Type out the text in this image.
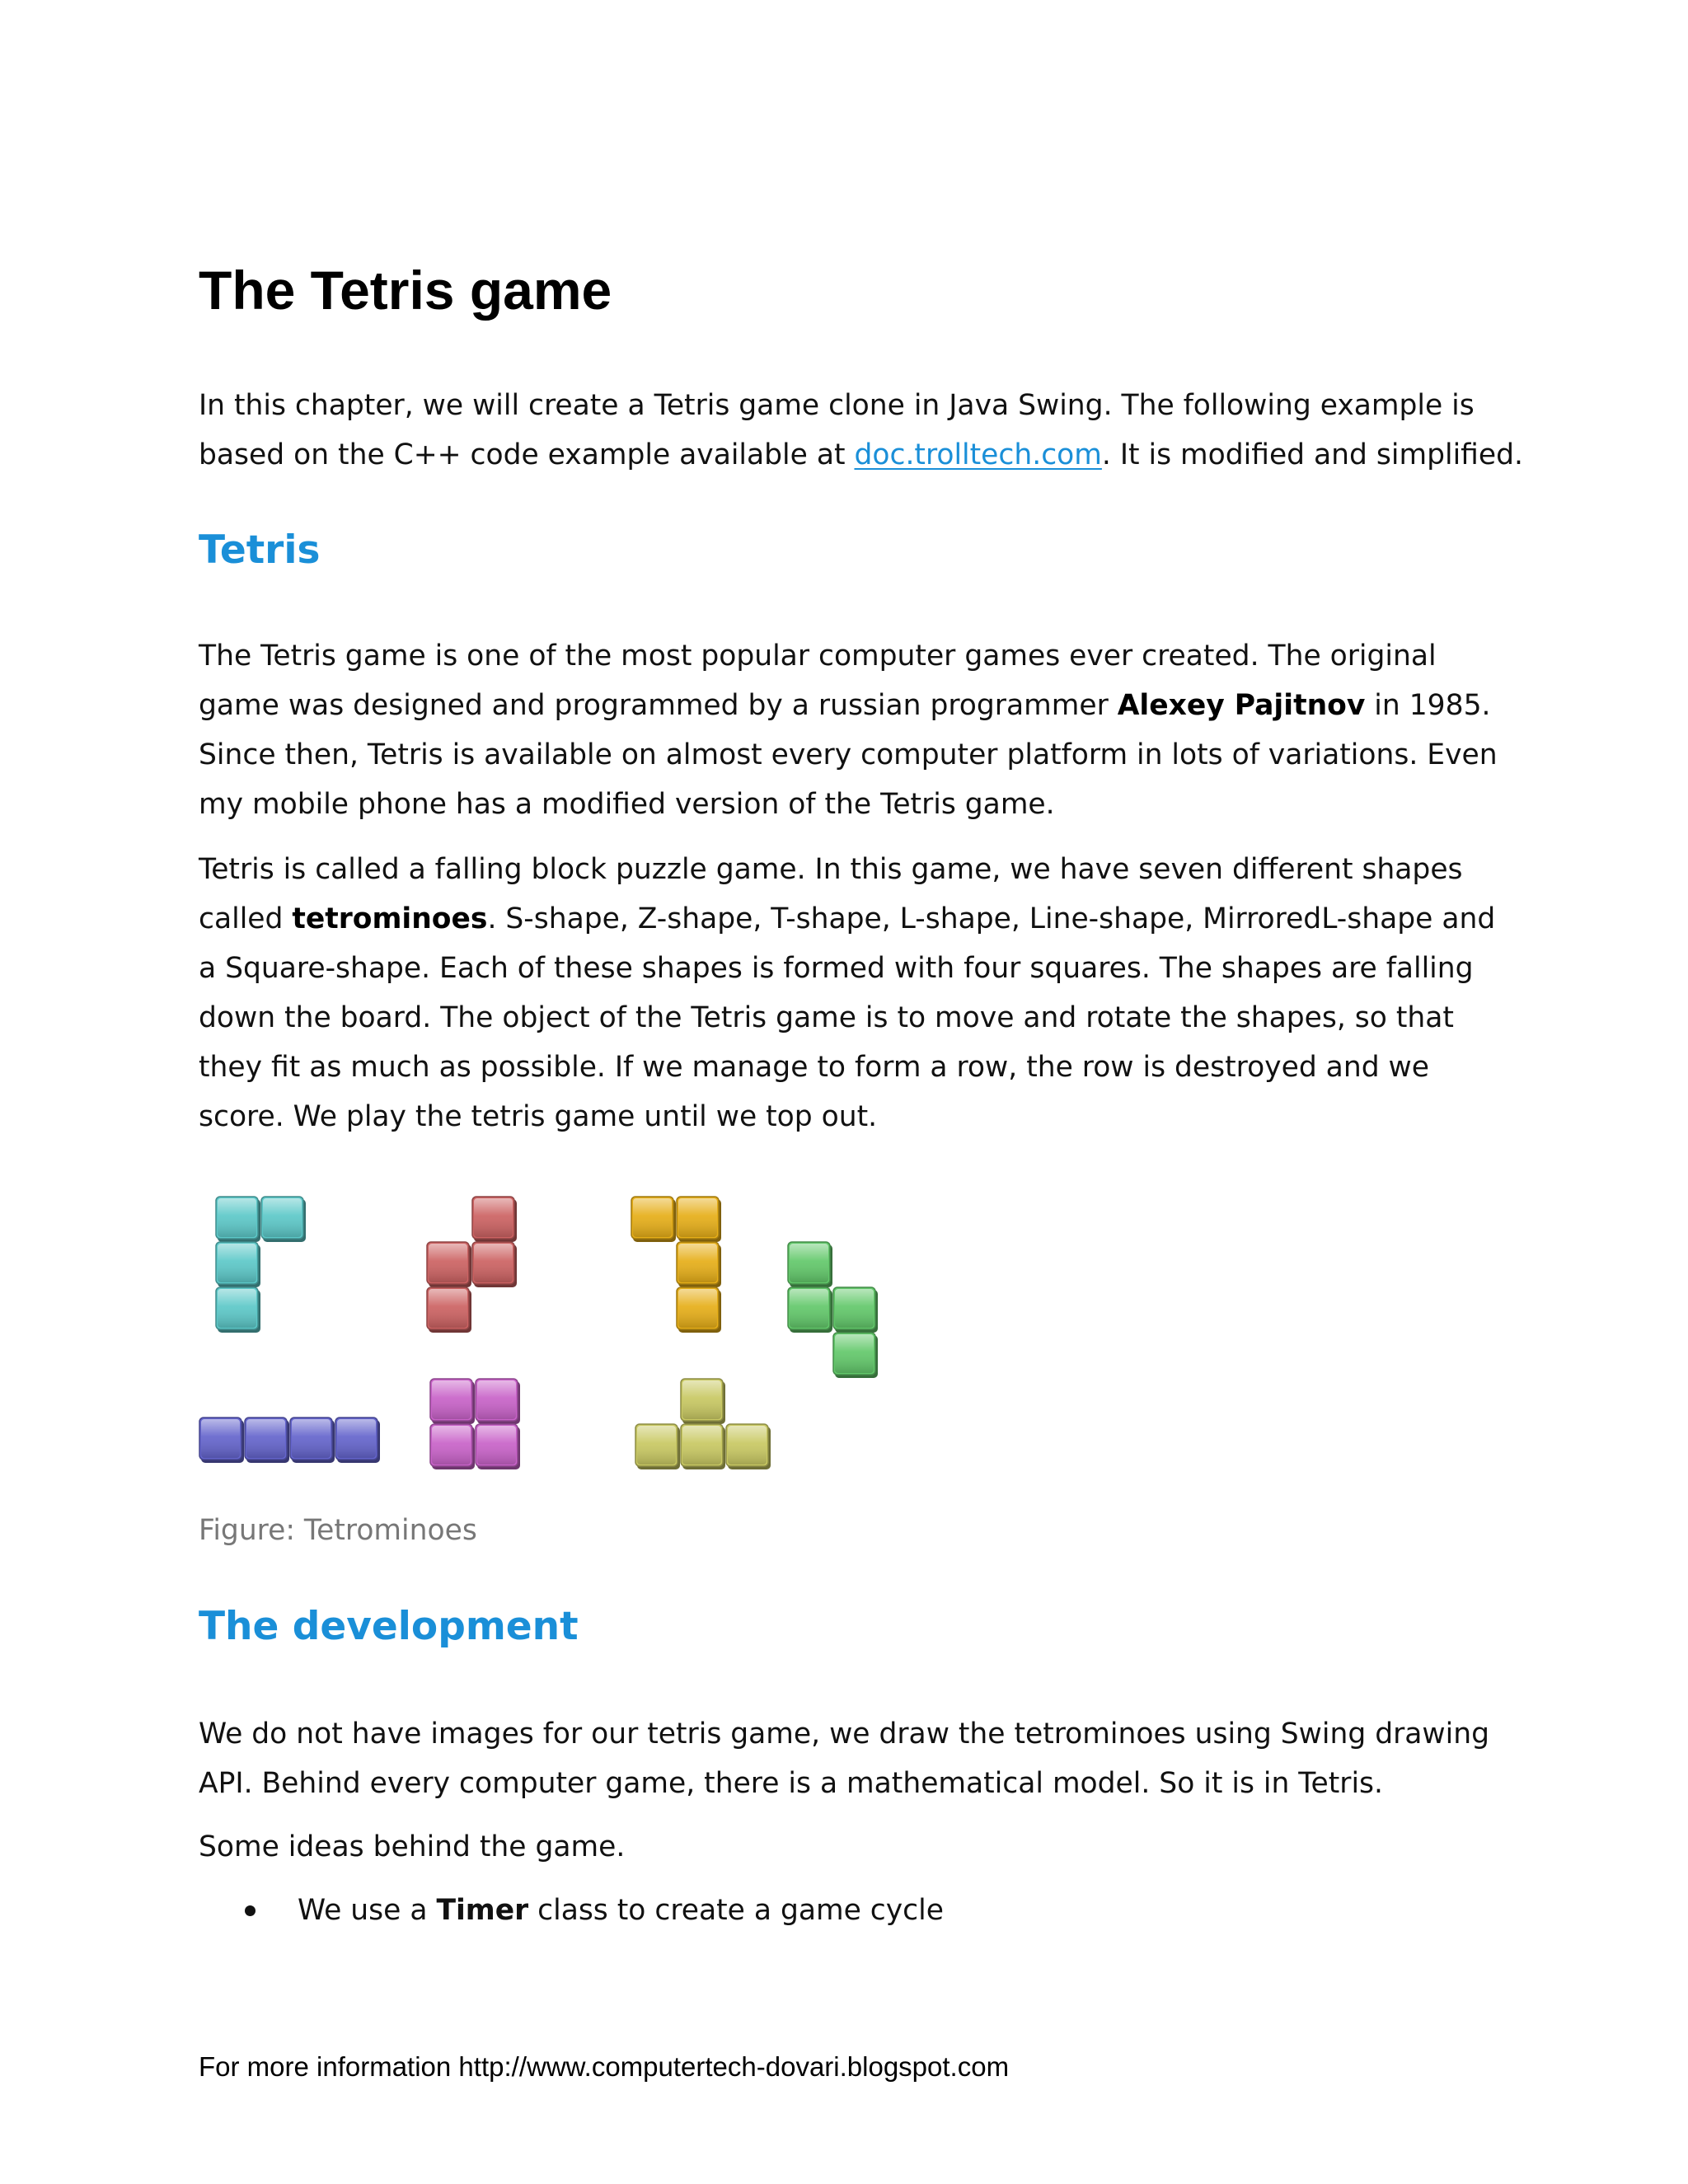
The Tetris game
In this chapter, we will create a Tetris game clone in Java Swing. The following example is
based on the C++ code example available at doc.trolltech.com. It is modified and simplified.
Tetris
The Tetris game is one of the most popular computer games ever created. The original
game was designed and programmed by a russian programmer Alexey Pajitnov in 1985.
Since then, Tetris is available on almost every computer platform in lots of variations. Even
my mobile phone has a modified version of the Tetris game.
Tetris is called a falling block puzzle game. In this game, we have seven different shapes
called tetrominoes. S-shape, Z-shape, T-shape, L-shape, Line-shape, MirroredL-shape and
a Square-shape. Each of these shapes is formed with four squares. The shapes are falling
down the board. The object of the Tetris game is to move and rotate the shapes, so that
they fit as much as possible. If we manage to form a row, the row is destroyed and we
score. We play the tetris game until we top out.

Figure: Tetrominoes

The development
We do not have images for our tetris game, we draw the tetrominoes using Swing drawing
API. Behind every computer game, there is a mathematical model. So it is in Tetris.
Some ideas behind the game.
We use a Timer class to create a game cycle

For more information http://www.computertech-dovari.blogspot.com
